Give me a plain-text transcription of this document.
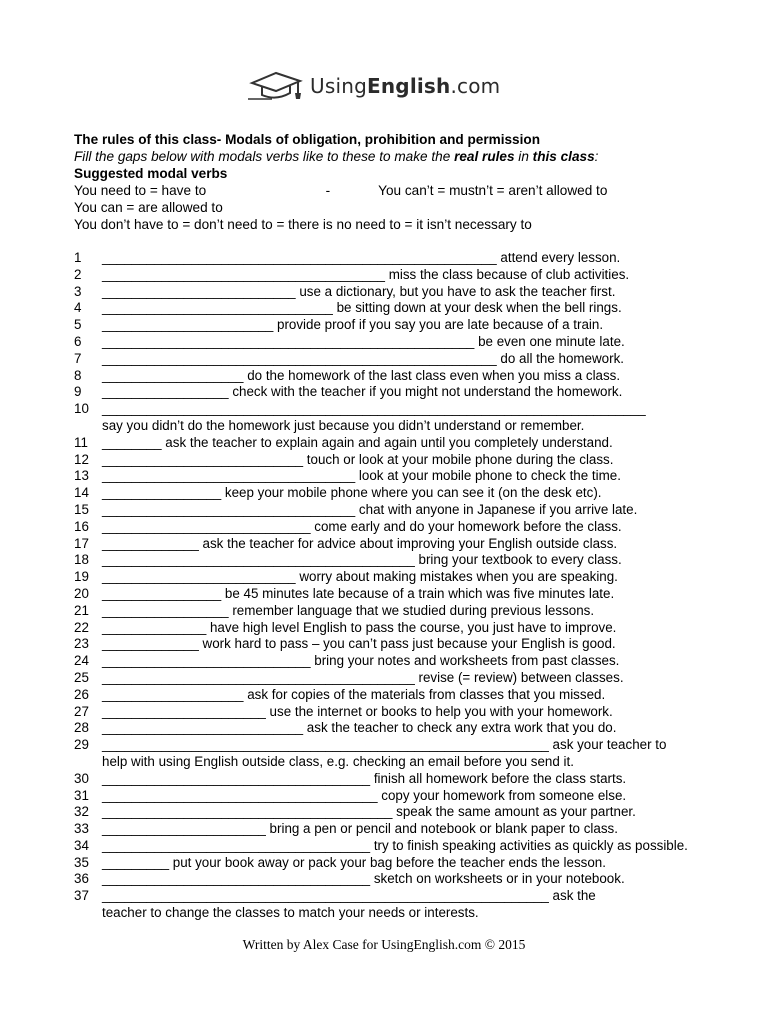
UsingEnglish.com

The rules of this class- Modals of obligation, prohibition and permission

Fill the gaps below with modals verbs like to these to make the real rules in this class:

Suggested modal verbs

You need to = have to	-	You can’t = mustn’t = aren’t allowed to

You can = are allowed to

You don’t have to = don’t need to = there is no need to = it isn’t necessary to

1	_____________________________________________________ attend every lesson.
2	______________________________________ miss the class because of club activities.
3	__________________________ use a dictionary, but you have to ask the teacher first.
4	_______________________________ be sitting down at your desk when the bell rings.
5	_______________________ provide proof if you say you are late because of a train.
6	__________________________________________________ be even one minute late.
7	_____________________________________________________ do all the homework.
8	___________________ do the homework of the last class even when you miss a class.
9	_________________ check with the teacher if you might not understand the homework.
10 _________________________________________________________________________

say you didn’t do the homework just because you didn’t understand or remember.

11	________ ask the teacher to explain again and again until you completely understand.
12 ___________________________ touch or look at your mobile phone during the class.
13 __________________________________ look at your mobile phone to check the time.
14 ________________ keep your mobile phone where you can see it (on the desk etc).
15 __________________________________ chat with anyone in Japanese if you arrive late.
16 ____________________________ come early and do your homework before the class.
17 _____________ ask the teacher for advice about improving your English outside class.
18 __________________________________________ bring your textbook to every class.
19 __________________________ worry about making mistakes when you are speaking.
20 ________________ be 45 minutes late because of a train which was five minutes late.
21 _________________ remember language that we studied during previous lessons.
22 ______________ have high level English to pass the course, you just have to improve.
23 _____________ work hard to pass – you can’t pass just because your English is good.
24 ____________________________ bring your notes and worksheets from past classes.
25 __________________________________________ revise (= review) between classes.
26 ___________________ ask for copies of the materials from classes that you missed.
27 ______________________ use the internet or books to help you with your homework.
28 ___________________________ ask the teacher to check any extra work that you do.
29 ____________________________________________________________ ask your teacher to

help with using English outside class, e.g. checking an email before you send it.

30 ____________________________________ finish all homework before the class starts.
31 _____________________________________ copy your homework from someone else.
32 _______________________________________ speak the same amount as your partner.
33 ______________________ bring a pen or pencil and notebook or blank paper to class.
34 ____________________________________ try to finish speaking activities as quickly as possible.
35 _________ put your book away or pack your bag before the teacher ends the lesson.
36 ____________________________________ sketch on worksheets or in your notebook.
37 ____________________________________________________________ ask the

teacher to change the classes to match your needs or interests.

Written by Alex Case for UsingEnglish.com © 2015
